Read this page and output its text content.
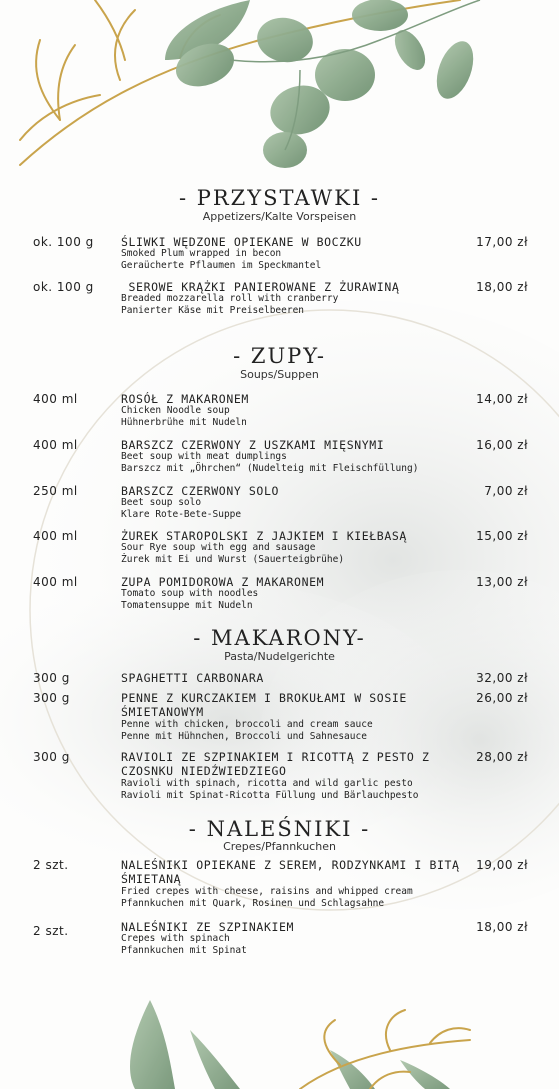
- PRZYSTAWKI -
Appetizers/Kalte Vorspeisen
ok. 100 g ŚLIWKI WĘDZONE OPIEKANE W BOCZKU
Smoked Plum wrapped in becon
Geraücherte Pflaumen im Speckmantel
17,00 zł
ok. 100 g SEROWE KRĄŻKI PANIEROWANE Z ŻURAWINĄ
Breaded mozzarella roll with cranberry
Panierter Käse mit Preiselbeeren
18,00 zł
- ZUPY-
Soups/Suppen
400 ml	ROSÓŁ Z MAKARONEM
Chicken Noodle soup
Hühnerbrühe mit Nudeln
14,00 zł
400 ml	BARSZCZ CZERWONY Z USZKAMI MIĘSNYMI
Beet soup with meat dumplings
Barszcz mit „Öhrchen“ (Nudelteig mit Fleischfüllung)
16,00 zł
250 ml	BARSZCZ CZERWONY SOLO
Beet soup solo
Klare Rote-Bete-Suppe
7,00 zł
400 ml	ŻUREK STAROPOLSKI Z JAJKIEM I KIEŁBASĄ
Sour Rye soup with egg and sausage
Żurek mit Ei und Wurst (Sauerteigbrühe)
15,00 zł
400 ml	ZUPA POMIDOROWA Z MAKARONEM
Tomato soup with noodles
Tomatensuppe mit Nudeln
13,00 zł
- MAKARONY-
Pasta/Nudelgerichte
300 g	SPAGHETTI CARBONARA	32,00 zł
300 g	PENNE Z KURCZAKIEM I BROKUŁAMI W SOSIE ŚMIETANOWYM
Penne with chicken, broccoli and cream sauce
Penne mit Hühnchen, Broccoli und Sahnesauce
26,00 zł
300 g	RAVIOLI ZE SZPINAKIEM I RICOTTĄ Z PESTO Z CZOSNKU NIEDŹWIEDZIEGO
Ravioli with spinach, ricotta and wild garlic pesto
Ravioli mit Spinat-Ricotta Füllung und Bärlauchpesto
28,00 zł
- NALEŚNIKI -
Crepes/Pfannkuchen
2 szt.	NALEŚNIKI OPIEKANE Z SEREM, RODZYNKAMI I BITĄ ŚMIETANĄ
Fried crepes with cheese, raisins and whipped cream
Pfannkuchen mit Quark, Rosinen und Schlagsahne
19,00 zł
2 szt.	NALEŚNIKI ZE SZPINAKIEM
Crepes with spinach
Pfannkuchen mit Spinat
18,00 zł
